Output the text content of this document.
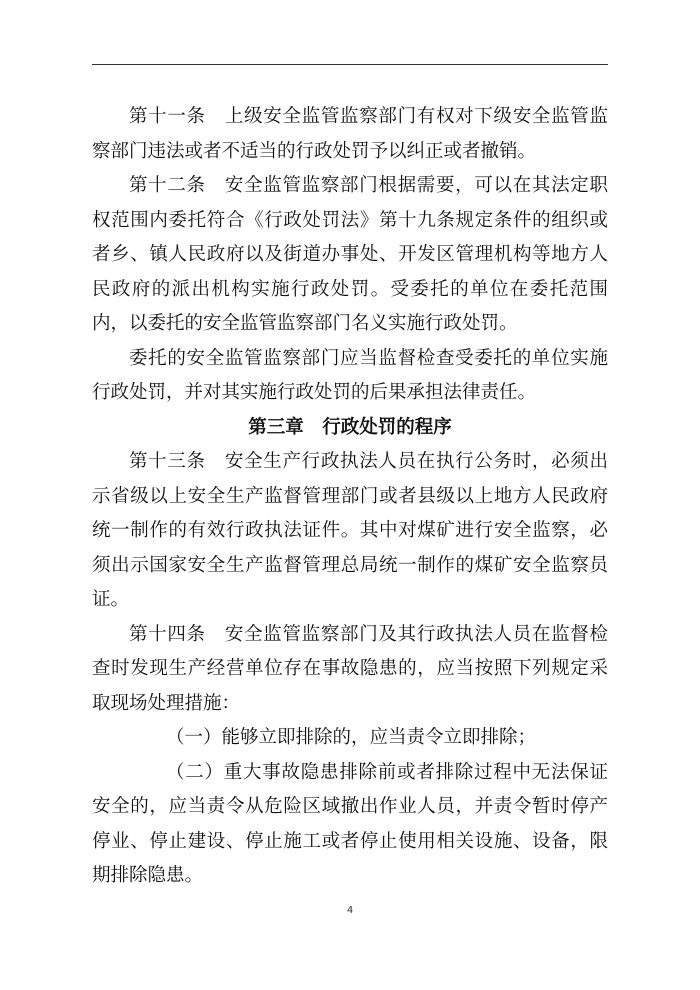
第十一条　上级安全监管监察部门有权对下级安全监管监察部门违法或者不适当的行政处罚予以纠正或者撤销。

第十二条　安全监管监察部门根据需要，可以在其法定职权范围内委托符合《行政处罚法》第十九条规定条件的组织或者乡、镇人民政府以及街道办事处、开发区管理机构等地方人民政府的派出机构实施行政处罚。受委托的单位在委托范围内，以委托的安全监管监察部门名义实施行政处罚。

委托的安全监管监察部门应当监督检查受委托的单位实施行政处罚，并对其实施行政处罚的后果承担法律责任。

第三章　行政处罚的程序

第十三条　安全生产行政执法人员在执行公务时，必须出示省级以上安全生产监督管理部门或者县级以上地方人民政府统一制作的有效行政执法证件。其中对煤矿进行安全监察，必须出示国家安全生产监督管理总局统一制作的煤矿安全监察员证。

第十四条　安全监管监察部门及其行政执法人员在监督检查时发现生产经营单位存在事故隐患的，应当按照下列规定采取现场处理措施：

（一）能够立即排除的，应当责令立即排除；

（二）重大事故隐患排除前或者排除过程中无法保证安全的，应当责令从危险区域撤出作业人员，并责令暂时停产停业、停止建设、停止施工或者停止使用相关设施、设备，限期排除隐患。

4
